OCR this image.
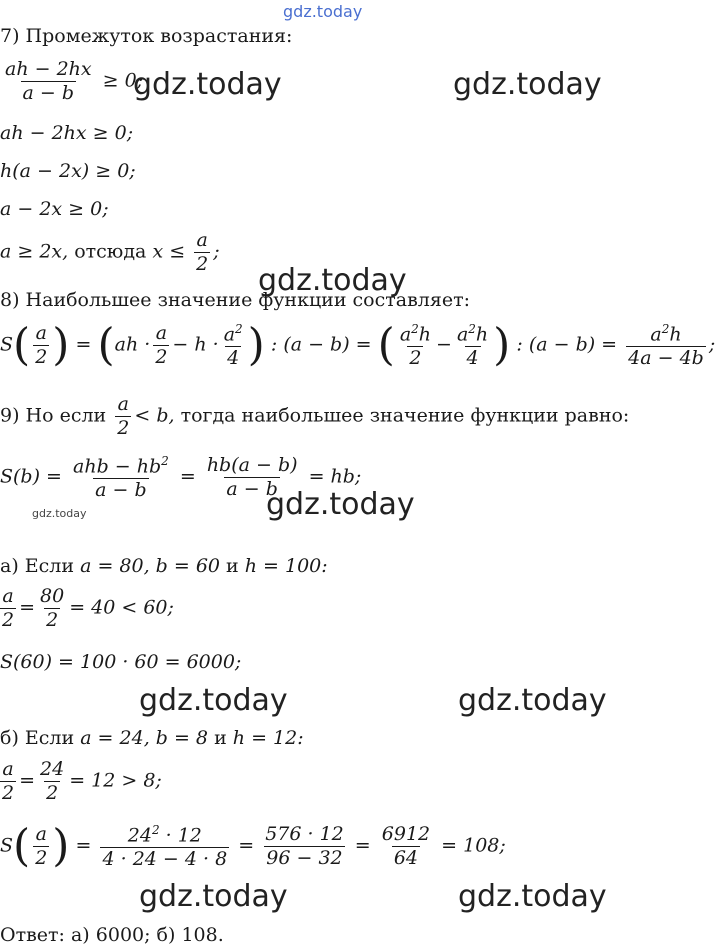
gdz.today
gdz.today	gdz.today
gdz.today
gdz.today	gdz.today
gdz.today	gdz.today
gdz.today	gdz.today
7) Промежуток возрастания:
$\frac{ah - 2hx}{a - b} \ge 0$;
ah − 2hx ≥ 0;
h(a − 2x) ≥ 0;
a − 2x ≥ 0;
a ≥ 2x, отсюда $x \le \frac{a}{2}$ ;
8) Наибольшее значение функции составляет:
$S( \frac{a}{2}$ ) = ($ah \cdot \frac{a}{2} - h \cdot \frac{a^2}{4}$ ) : (a − b) = ( $\frac{a^2h}{2} - \frac{a^2h}{4}$ ) : $(a - b) = \frac{a^2h}{4a - 4b}$ ;
9) Но если $\frac{a}{2} < b$, тогда наибольшее значение функции равно:
$S(b) = \frac{ahb - hb^2}{a - b} = \frac{hb(a - b)}{a - b}$ = hb;
а) Если a = 80, b = 60 и h = 100:
$\frac{a}{2} = \frac{80}{2} = 40 < 60$;
S(60) = 100 · 60 = 6000;
б) Если a = 24, b = 8 и h = 12:
$\frac{a}{2} = \frac{24}{2} = 12 > 8$;
$S( \frac{a}{2}$ ) = $\frac{24^2 \cdot 12}{4 \cdot 24 - 4 \cdot 8} = \frac{576 \cdot 12}{96 - 32} = \frac{6912}{64} = 108$;
Ответ: а) 6000; б) 108.
